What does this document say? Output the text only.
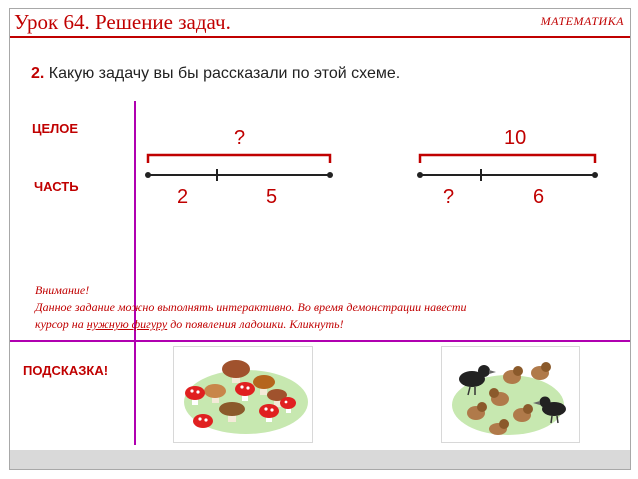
Урок 64. Решение задач.	МАТЕМАТИКА
2. Какую задачу вы бы рассказали по этой схеме.
ЦЕЛОЕ
ЧАСТЬ
?
2	5
10
?	6
Внимание!
Данное задание можно выполнять интерактивно. Во время демонстрации навести
курсор на нужную фигуру до появления ладошки. Кликнуть!
ПОДСКАЗКА!
